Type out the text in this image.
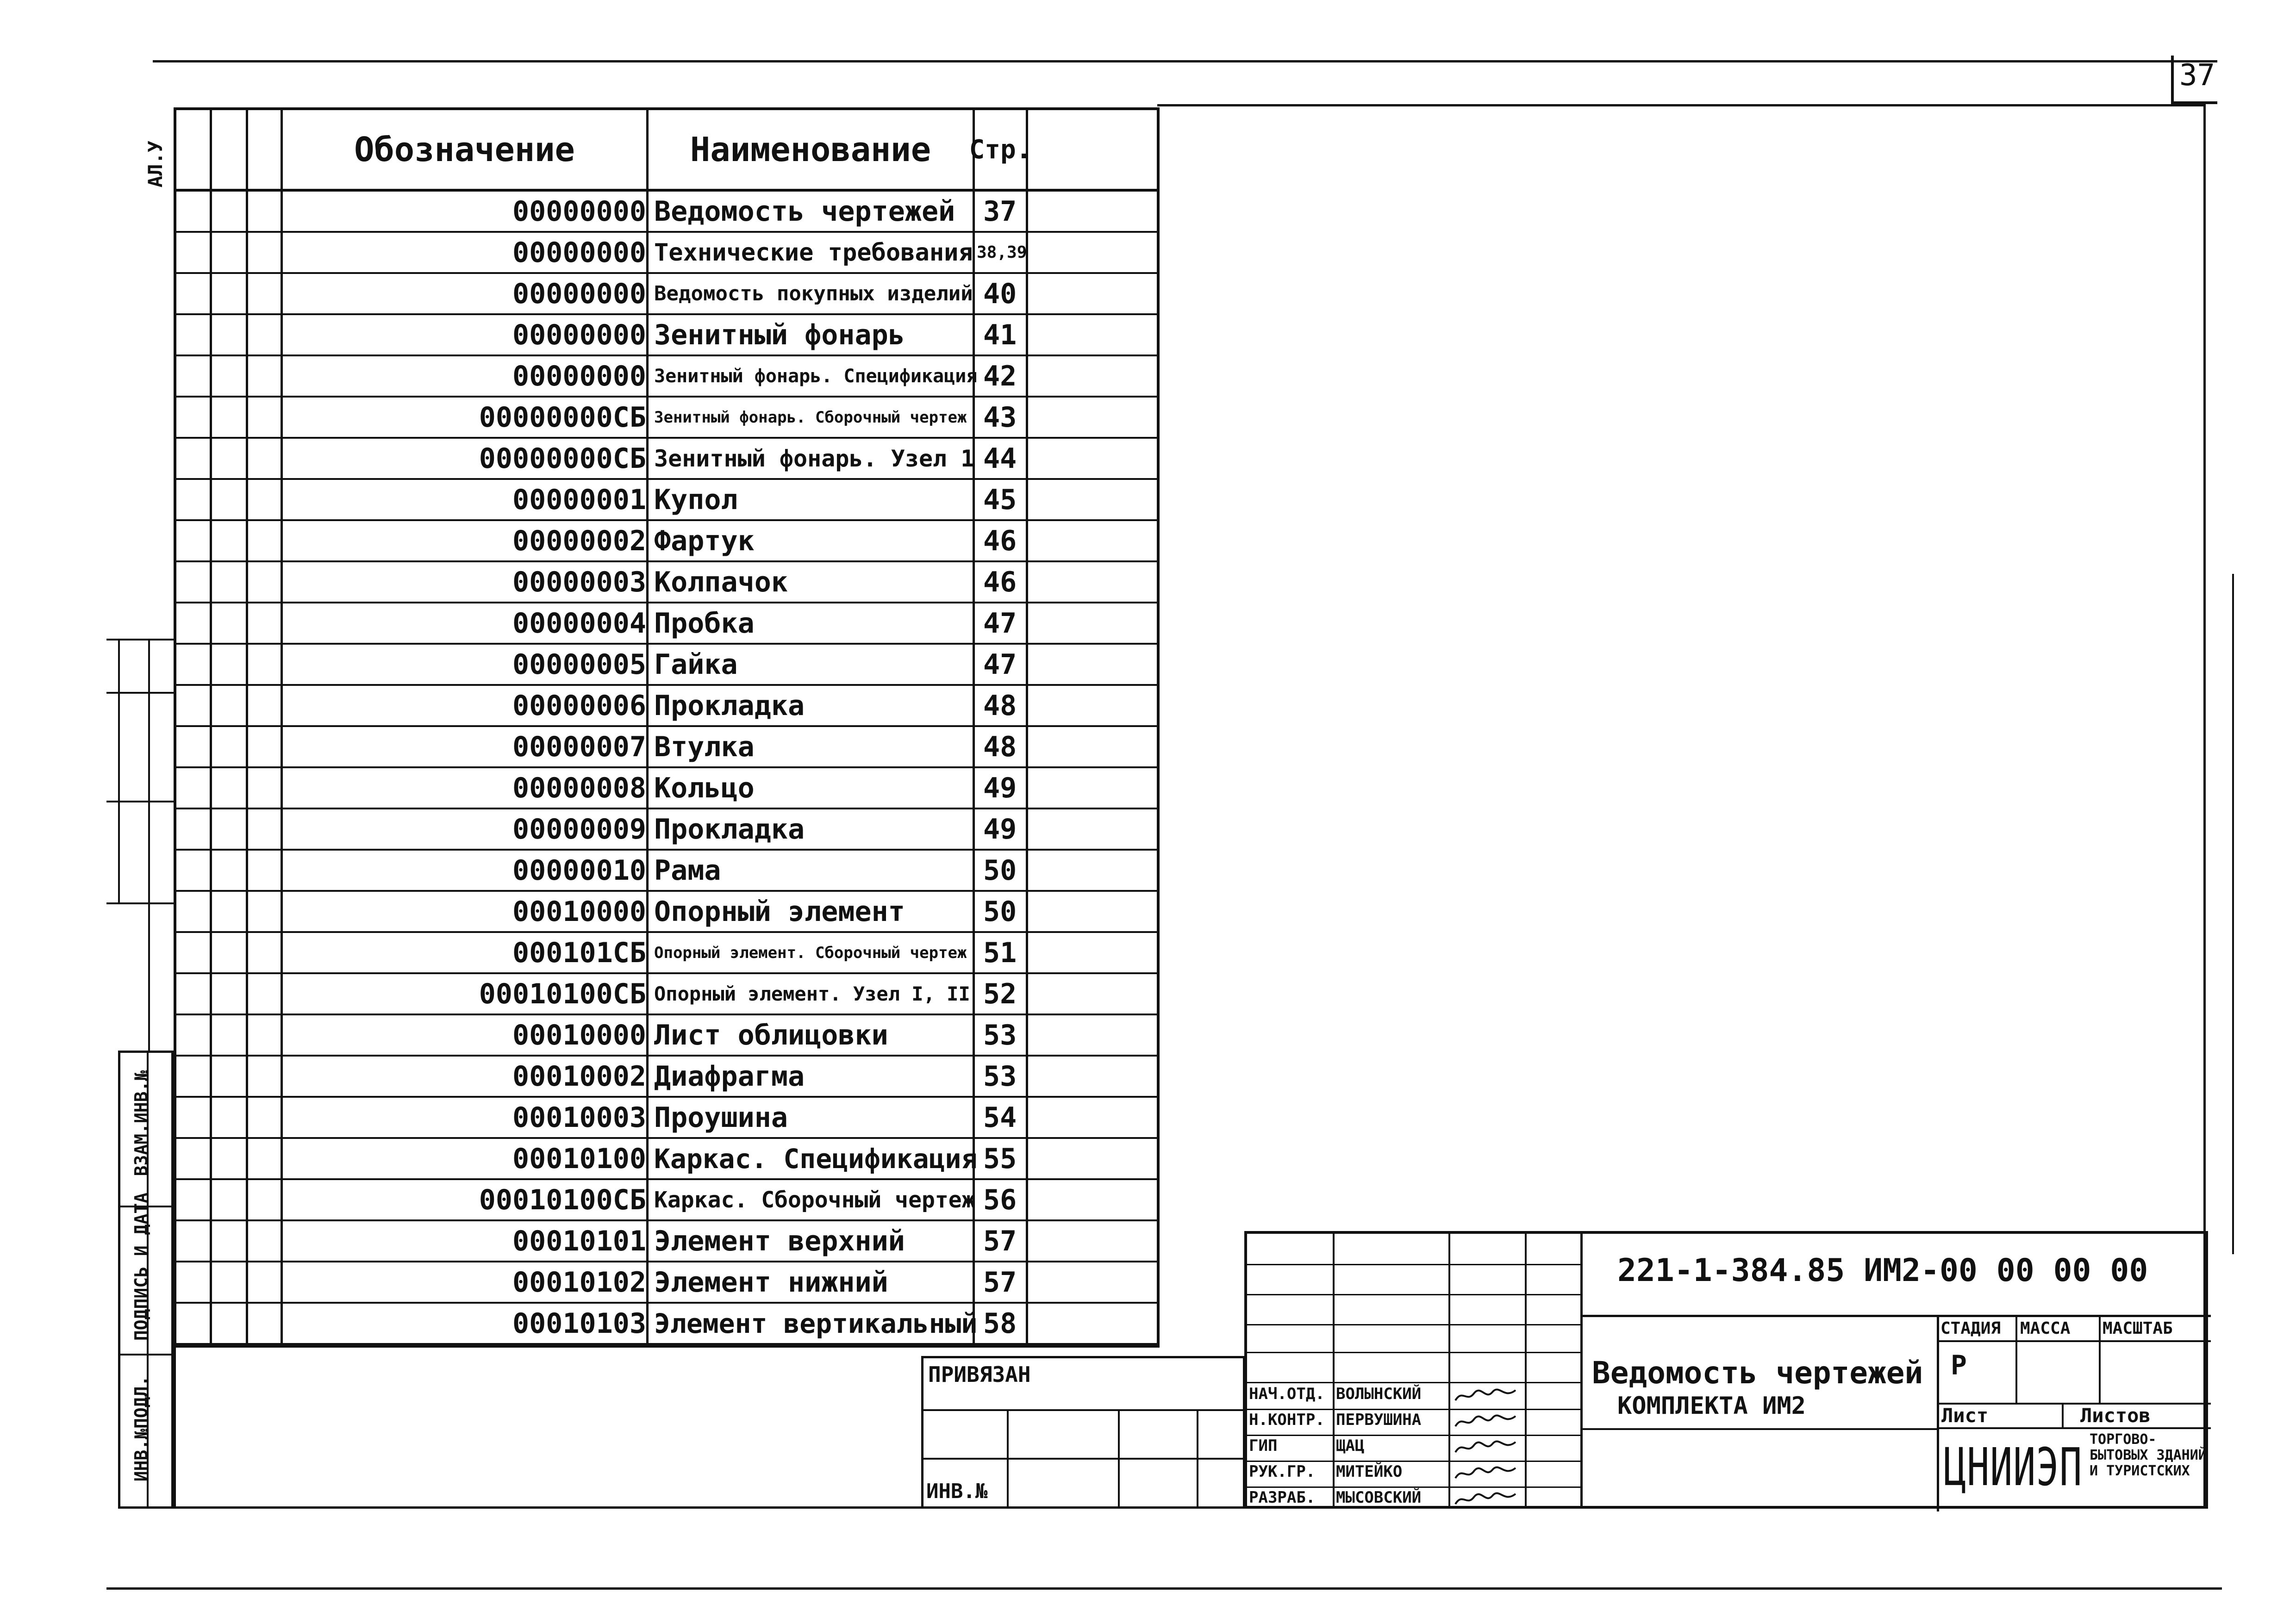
37
ВЗАМ.ИНВ.№
ПОДПИСЬ И ДАТА
ИНВ.№ПОДЛ.
АЛ.У	Обозначение	Наименование	Стр.
00000000 Ведомость чертежей	37
00000000 Технические требования 38,39
00000000 Ведомость покупных изделий 40
00000000 Зенитный фонарь	41
00000000 Зенитный фонарь. Спецификация 42
00000000СБ Зенитный фонарь. Сборочный чертеж 43
00000000СБ Зенитный фонарь. Узел 1 44
00000001 Купол	45
00000002 Фартук	46
00000003 Колпачок	46
00000004 Пробка	47
00000005 Гайка	47
00000006 Прокладка	48
00000007 Втулка	48
00000008 Кольцо	49
00000009 Прокладка	49
00000010 Рама	50
00010000 Опорный элемент	50
000101СБ Опорный элемент. Сборочный чертеж 51
00010100СБ Опорный элемент. Узел I, II 52
00010000 Лист облицовки	53
00010002 Диафрагма	53
00010003 Проушина	54
00010100 Каркас. Спецификация 55
00010100СБ Каркас. Сборочный чертеж 56
00010101 Элемент верхний	57
00010102 Элемент нижний	57
00010103 Элемент вертикальный 58
ПРИВЯЗАН
ИНВ.№
НАЧ.ОТД. ВОЛЫНСКИЙ
Н.КОНТР. ПЕРВУШИНА
ГИП	ЩАЦ
РУК.ГР. МИТЕЙКО
РАЗРАБ. МЫСОВСКИЙ
221-1-384.85 ИМ2-00 00 00 00
Ведомость чертежей
КОМПЛЕКТА ИМ2
СТАДИЯ МАССА МАСШТАБ
Р
Лист	Листов
ЦНИИЭП ТОРГОВО-БЫТОВЫХ ЗДАНИЙ И ТУРИСТСКИХ
